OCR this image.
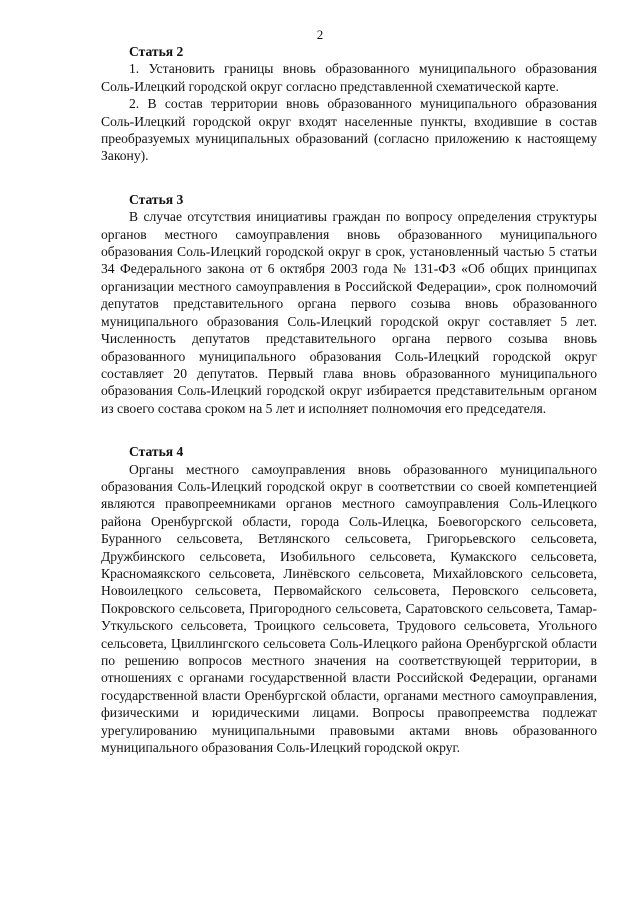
2

Статья 2

1. Установить границы вновь образованного муниципального образования Соль-Илецкий городской округ согласно представленной схематической карте.

2. В состав территории вновь образованного муниципального образования Соль-Илецкий городской округ входят населенные пункты, входившие в состав преобразуемых муниципальных образований (согласно приложению к настоящему Закону).

Статья 3

В случае отсутствия инициативы граждан по вопросу определения структуры органов местного самоуправления вновь образованного муниципального образования Соль-Илецкий городской округ в срок, установленный частью 5 статьи 34 Федерального закона от 6 октября 2003 года № 131-ФЗ «Об общих принципах организации местного самоуправления в Российской Федерации», срок полномочий депутатов представительного органа первого созыва вновь образованного муниципального образования Соль-Илецкий городской округ составляет 5 лет. Численность депутатов представительного органа первого созыва вновь образованного муниципального образования Соль-Илецкий городской округ составляет 20 депутатов. Первый глава вновь образованного муниципального образования Соль-Илецкий городской округ избирается представительным органом из своего состава сроком на 5 лет и исполняет полномочия его председателя.

Статья 4

Органы местного самоуправления вновь образованного муниципального образования Соль-Илецкий городской округ в соответствии со своей компетенцией являются правопреемниками органов местного самоуправления Соль-Илецкого района Оренбургской области, города Соль-Илецка, Боевогорского сельсовета, Буранного сельсовета, Ветлянского сельсовета, Григорьевского сельсовета, Дружбинского сельсовета, Изобильного сельсовета, Кумакского сельсовета, Красномаякского сельсовета, Линёвского сельсовета, Михайловского сельсовета, Новоилецкого сельсовета, Первомайского сельсовета, Перовского сельсовета, Покровского сельсовета, Пригородного сельсовета, Саратовского сельсовета, Тамар-Уткульского сельсовета, Троицкого сельсовета, Трудового сельсовета, Угольного сельсовета, Цвиллингского сельсовета Соль-Илецкого района Оренбургской области по решению вопросов местного значения на соответствующей территории, в отношениях с органами государственной власти Российской Федерации, органами государственной власти Оренбургской области, органами местного самоуправления, физическими и юридическими лицами. Вопросы правопреемства подлежат урегулированию муниципальными правовыми актами вновь образованного муниципального образования Соль-Илецкий городской округ.
